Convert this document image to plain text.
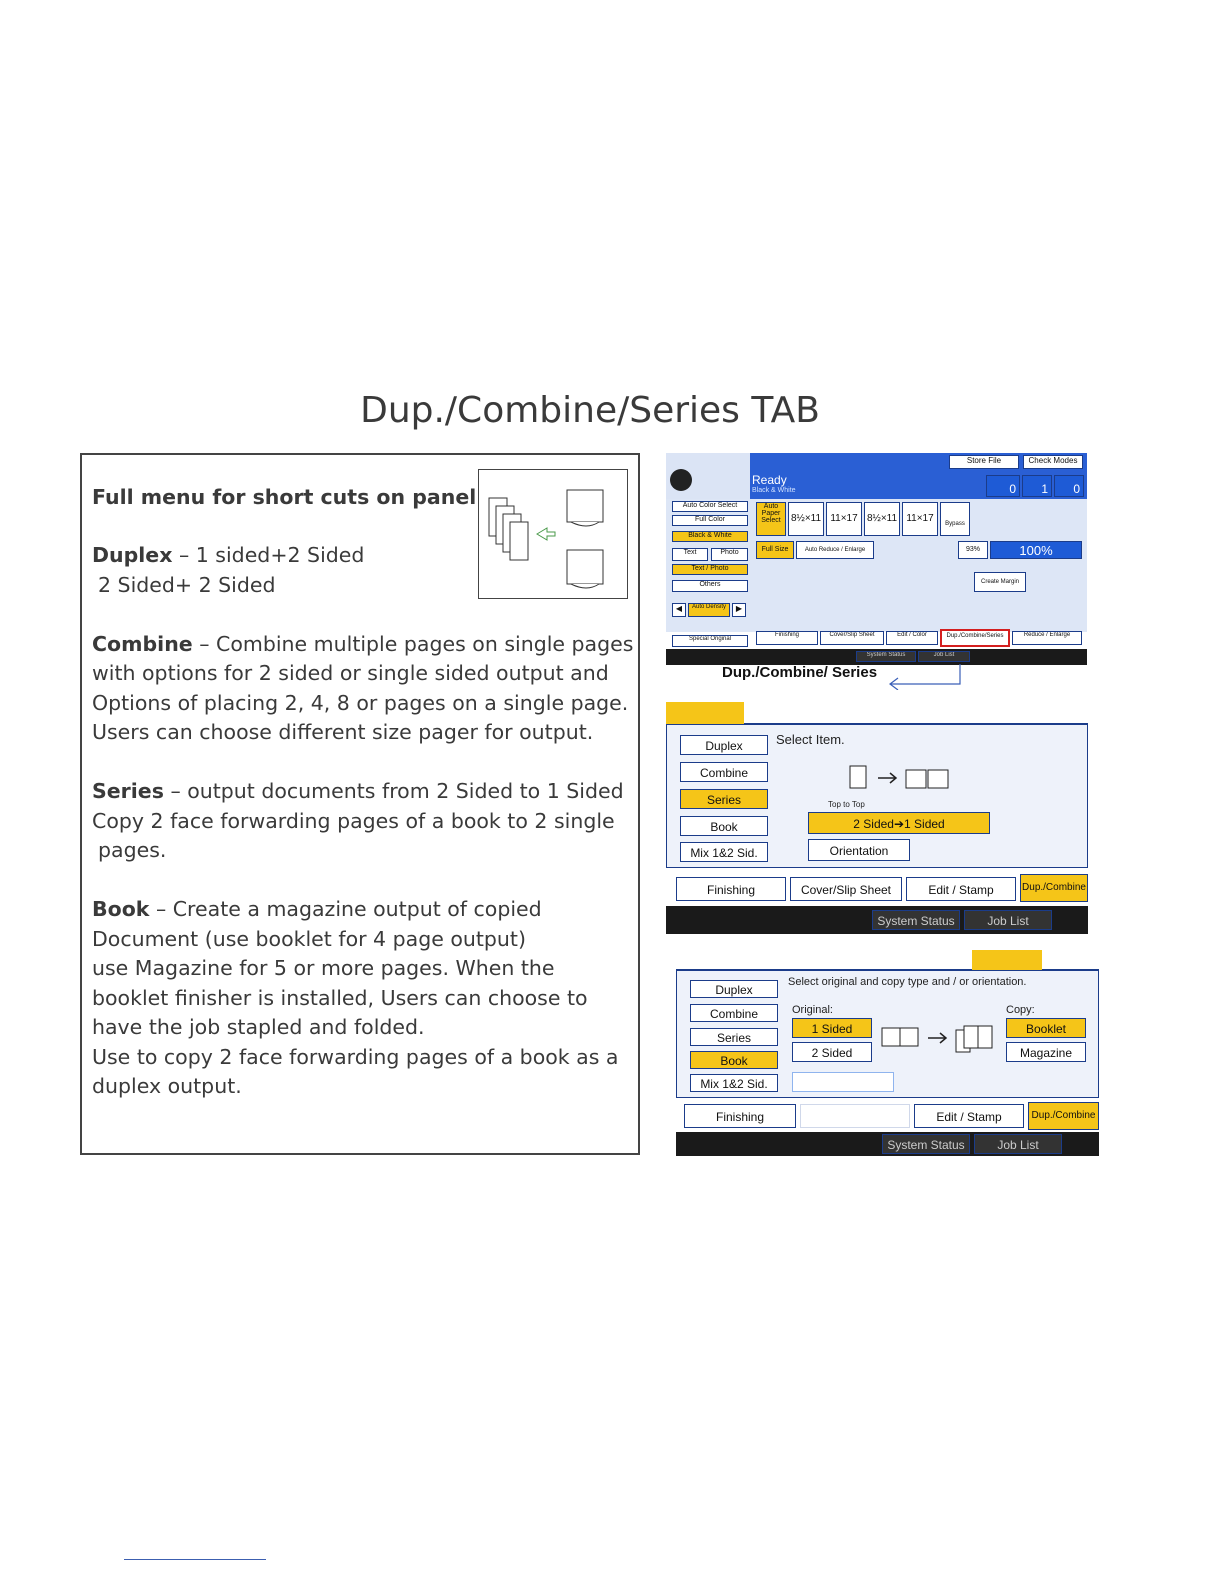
Dup./Combine/Series TAB
Full menu for short cuts on panel
Duplex – 1 sided+2 Sided
2 Sided+ 2 Sided
Combine – Combine multiple pages on single pages
with options for 2 sided or single sided output and
Options of placing 2, 4, 8 or pages on a single page.
Users can choose different size pager for output.
Series – output documents from 2 Sided to 1 Sided
Copy 2 face forwarding pages of a book to 2 single
pages.
Book – Create a magazine output of copied
Document (use booklet for 4 page output)
use Magazine for 5 or more pages. When the
booklet finisher is installed, Users can choose to
have the job stapled and folded.
Use to copy 2 face forwarding pages of a book as a
duplex output.
Store File	Check Modes
Ready
Black & White	0	1	0
Auto Color Select
Full Color
Black & White
Text	Photo
Text / Photo
Others
Auto Density
◀	▶
Auto Paper Select	8½×11 11×17 8½×11 11×17	Bypass
Full Size	Auto Reduce / Enlarge	93%	100%
Create Margin
Special Original
Finishing	Cover/Slip Sheet	Edit / Color	Dup./Combine/Series	Reduce / Enlarge
System Status	Job List
Dup./Combine/ Series
Duplex
Combine
Series
Book
Mix 1&2 Sid.
Select Item.
Top to Top
2 Sided➔1 Sided
Orientation
Finishing	Cover/Slip Sheet	Edit / Stamp	Dup./Combine
System Status	Job List
Duplex
Combine
Series
Book
Mix 1&2 Sid.
Select original and copy type and / or orientation.
Original:	Copy:
1 Sided
2 Sided
Booklet
Magazine
Finishing	Edit / Stamp	Dup./Combine
System Status	Job List
